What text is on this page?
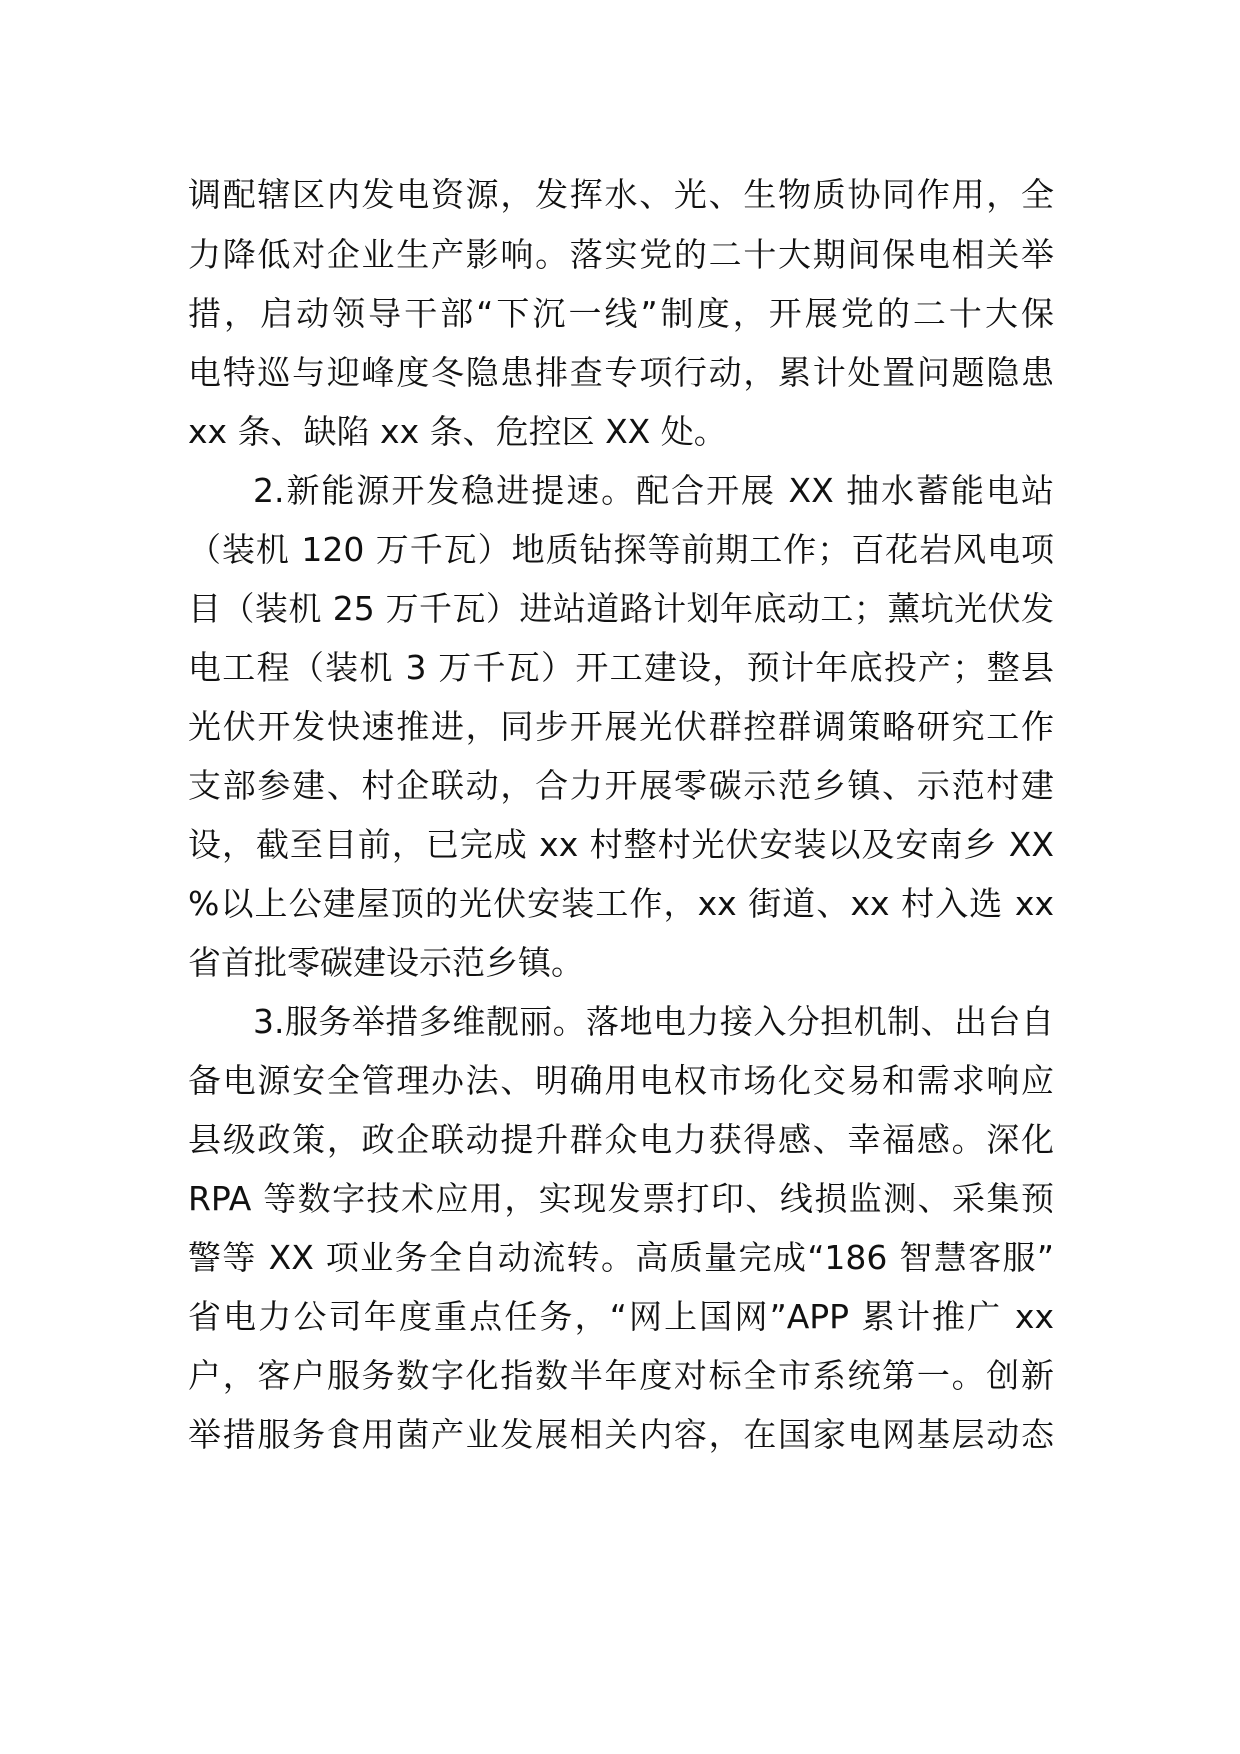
调配辖区内发电资源，发挥水、光、生物质协同作用，全
力降低对企业生产影响。落实党的二十大期间保电相关举
措，启动领导干部“下沉一线”制度，开展党的二十大保
电特巡与迎峰度冬隐患排查专项行动，累计处置问题隐患
xx 条、缺陷 xx 条、危控区 XX 处。
2.新能源开发稳进提速。配合开展 XX 抽水蓄能电站
（装机 120 万千瓦）地质钻探等前期工作；百花岩风电项
目（装机 25 万千瓦）进站道路计划年底动工；薰坑光伏发
电工程（装机 3 万千瓦）开工建设，预计年底投产；整县
光伏开发快速推进，同步开展光伏群控群调策略研究工作
支部参建、村企联动，合力开展零碳示范乡镇、示范村建
设，截至目前，已完成 xx 村整村光伏安装以及安南乡 XX
%以上公建屋顶的光伏安装工作，xx 街道、xx 村入选 xx
省首批零碳建设示范乡镇。
3.服务举措多维靓丽。落地电力接入分担机制、出台自
备电源安全管理办法、明确用电权市场化交易和需求响应
县级政策，政企联动提升群众电力获得感、幸福感。深化
RPA 等数字技术应用，实现发票打印、线损监测、采集预
警等 XX 项业务全自动流转。高质量完成“186 智慧客服”
省电力公司年度重点任务，“网上国网”APP 累计推广 xx
户，客户服务数字化指数半年度对标全市系统第一。创新
举措服务食用菌产业发展相关内容，在国家电网基层动态
